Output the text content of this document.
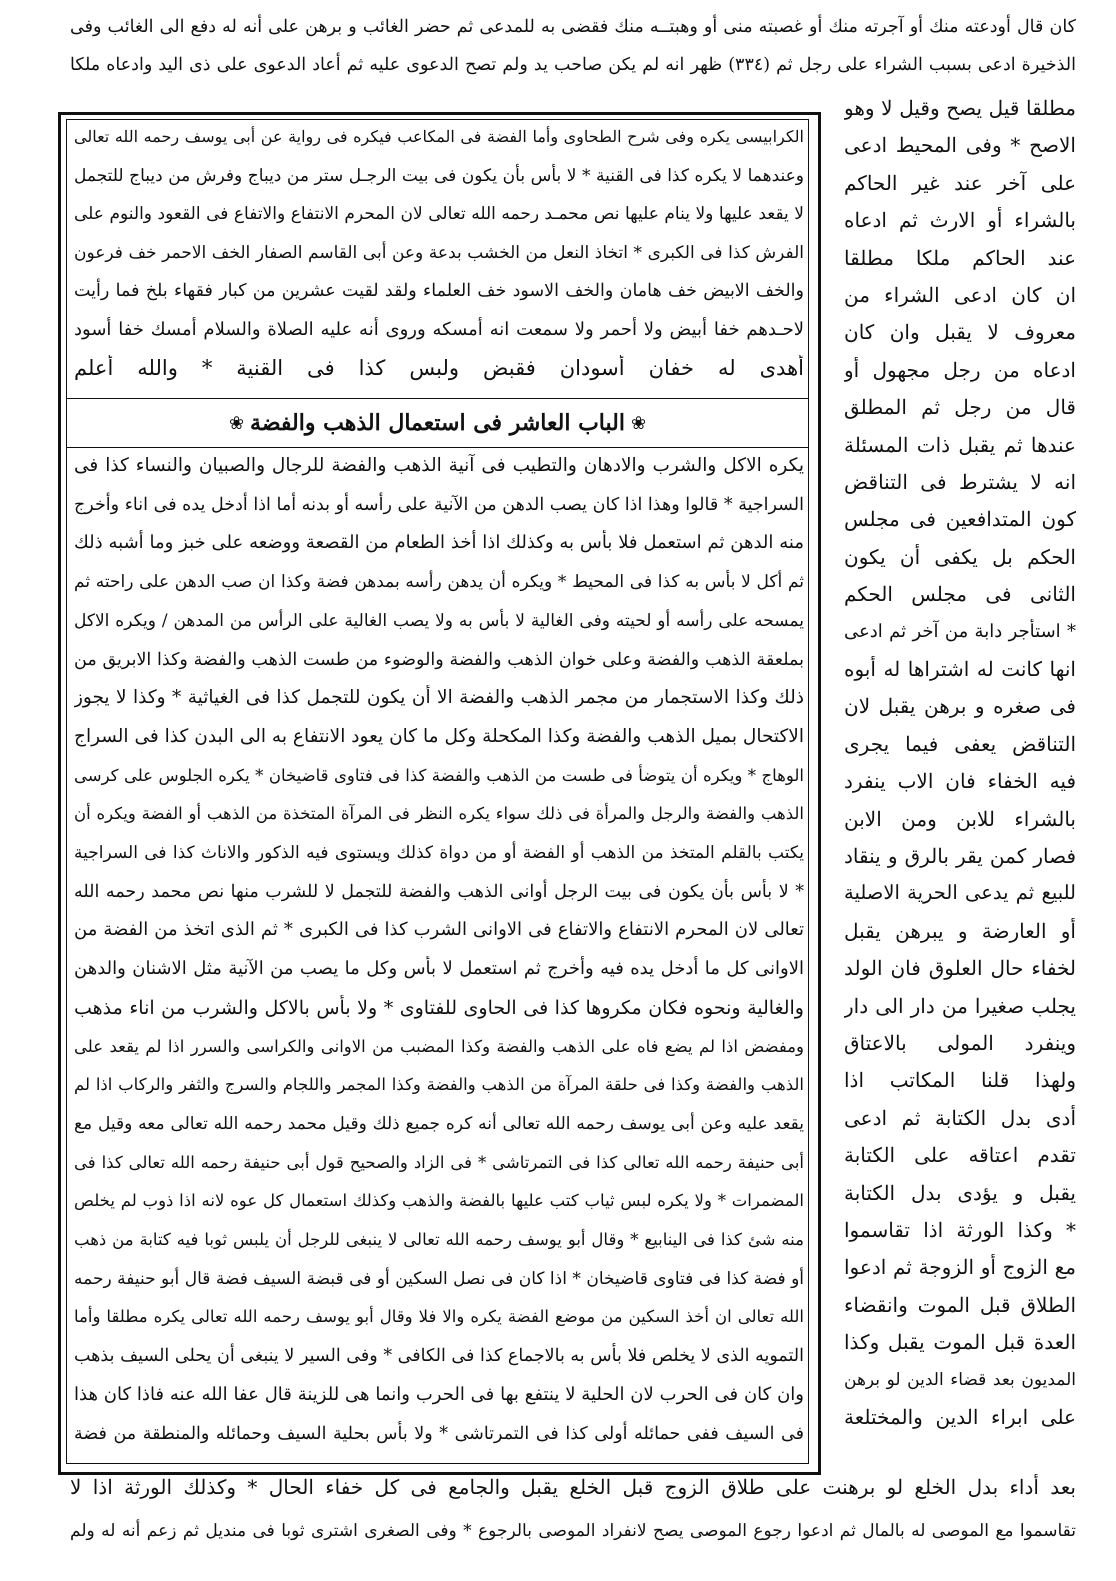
كان قال أودعته منك أو آجرته منك أو غصبته منى أو وهبتــه منك فقضى به للمدعى ثم حضر الغائب و برهن على أنه له دفع الى الغائب وفى
الذخيرة ادعى بسبب الشراء على رجل ثم (٣٣٤) ظهر انه لم يكن صاحب يد ولم تصح الدعوى عليه ثم أعاد الدعوى على ذى اليد وادعاه ملكا
الكرابيسى يكره وفى شرح الطحاوى وأما الفضة فى المكاعب فيكره فى رواية عن أبى يوسف رحمه الله تعالى
وعندهما لا يكره كذا فى القنية * لا بأس بأن يكون فى بيت الرجـل ستر من ديباج وفرش من ديباج للتجمل
لا يقعد عليها ولا ينام عليها نص محمـد رحمه الله تعالى لان المحرم الانتفاع والاتفاع فى القعود والنوم على
الفرش كذا فى الكبرى * اتخاذ النعل من الخشب بدعة وعن أبى القاسم الصفار الخف الاحمر خف فرعون
والخف الابيض خف هامان والخف الاسود خف العلماء ولقد لقيت عشرين من كبار فقهاء بلخ فما رأيت
لاحـدهم خفا أبيض ولا أحمر ولا سمعت انه أمسكه وروى أنه عليه الصلاة والسلام أمسك خفا أسود
أهدى له خفان أسودان فقبض ولبس كذا فى القنية * والله أعلم
يكره الاكل والشرب والادهان والتطيب فى آنية الذهب والفضة للرجال والصبيان والنساء كذا فى
السراجية * قالوا وهذا اذا كان يصب الدهن من الآنية على رأسه أو بدنه أما اذا أدخل يده فى اناء وأخرج
منه الدهن ثم استعمل فلا بأس به وكذلك اذا أخذ الطعام من القصعة ووضعه على خبز وما أشبه ذلك
ثم أكل لا بأس به كذا فى المحيط * ويكره أن يدهن رأسه بمدهن فضة وكذا ان صب الدهن على راحته ثم
يمسحه على رأسه أو لحيته وفى الغالية لا بأس به ولا يصب الغالية على الرأس من المدهن / ويكره الاكل
بملعقة الذهب والفضة وعلى خوان الذهب والفضة والوضوء من طست الذهب والفضة وكذا الابريق من
ذلك وكذا الاستجمار من مجمر الذهب والفضة الا أن يكون للتجمل كذا فى الغياثية * وكذا لا يجوز
الاكتحال بميل الذهب والفضة وكذا المكحلة وكل ما كان يعود الانتفاع به الى البدن كذا فى السراج
الوهاج * ويكره أن يتوضأ فى طست من الذهب والفضة كذا فى فتاوى قاضيخان * يكره الجلوس على كرسى
الذهب والفضة والرجل والمرأة فى ذلك سواء يكره النظر فى المرآة المتخذة من الذهب أو الفضة ويكره أن
يكتب بالقلم المتخذ من الذهب أو الفضة أو من دواة كذلك ويستوى فيه الذكور والاناث كذا فى السراجية
* لا بأس بأن يكون فى بيت الرجل أوانى الذهب والفضة للتجمل لا للشرب منها نص محمد رحمه الله
تعالى لان المحرم الانتفاع والاتفاع فى الاوانى الشرب كذا فى الكبرى * ثم الذى اتخذ من الفضة من
الاوانى كل ما أدخل يده فيه وأخرج ثم استعمل لا بأس وكل ما يصب من الآنية مثل الاشنان والدهن
والغالية ونحوه فكان مكروها كذا فى الحاوى للفتاوى * ولا بأس بالاكل والشرب من اناء مذهب
ومفضض اذا لم يضع فاه على الذهب والفضة وكذا المضبب من الاوانى والكراسى والسرر اذا لم يقعد على
الذهب والفضة وكذا فى حلقة المرآة من الذهب والفضة وكذا المجمر واللجام والسرج والثفر والركاب اذا لم
يقعد عليه وعن أبى يوسف رحمه الله تعالى أنه كره جميع ذلك وقيل محمد رحمه الله تعالى معه وقيل مع
أبى حنيفة رحمه الله تعالى كذا فى التمرتاشى * فى الزاد والصحيح قول أبى حنيفة رحمه الله تعالى كذا فى
المضمرات * ولا يكره لبس ثياب كتب عليها بالفضة والذهب وكذلك استعمال كل عوه لانه اذا ذوب لم يخلص
منه شئ كذا فى الينابيع * وقال أبو يوسف رحمه الله تعالى لا ينبغى للرجل أن يلبس ثوبا فيه كتابة من ذهب
أو فضة كذا فى فتاوى قاضيخان * اذا كان فى نصل السكين أو فى قبضة السيف فضة قال أبو حنيفة رحمه
الله تعالى ان أخذ السكين من موضع الفضة يكره والا فلا وقال أبو يوسف رحمه الله تعالى يكره مطلقا وأما
التمويه الذى لا يخلص فلا بأس به بالاجماع كذا فى الكافى * وفى السير لا ينبغى أن يحلى السيف بذهب
وان كان فى الحرب لان الحلية لا ينتفع بها فى الحرب وانما هى للزينة قال عفا الله عنه فاذا كان هذا
فى السيف ففى حمائله أولى كذا فى التمرتاشى * ولا بأس بحلية السيف وحمائله والمنطقة من فضة
مطلقا قيل يصح وقيل لا وهو
الاصح * وفى المحيط ادعى
على آخر عند غير الحاكم
بالشراء أو الارث ثم ادعاه
عند الحاكم ملكا مطلقا
ان كان ادعى الشراء من
معروف لا يقبل وان كان
ادعاه من رجل مجهول أو
قال من رجل ثم المطلق
عندها ثم يقبل ذات المسئلة
انه لا يشترط فى التناقض
كون المتدافعين فى مجلس
الحكم بل يكفى أن يكون
الثانى فى مجلس الحكم
* استأجر دابة من آخر ثم ادعى
انها كانت له اشتراها له أبوه
فى صغره و برهن يقبل لان
التناقض يعفى فيما يجرى
فيه الخفاء فان الاب ينفرد
بالشراء للابن ومن الابن
فصار كمن يقر بالرق و ينقاد
للبيع ثم يدعى الحرية الاصلية
أو العارضة و يبرهن يقبل
لخفاء حال العلوق فان الولد
يجلب صغيرا من دار الى دار
وينفرد المولى بالاعتاق
ولهذا قلنا المكاتب اذا
أدى بدل الكتابة ثم ادعى
تقدم اعتاقه على الكتابة
يقبل و يؤدى بدل الكتابة
* وكذا الورثة اذا تقاسموا
مع الزوج أو الزوجة ثم ادعوا
الطلاق قبل الموت وانقضاء
العدة قبل الموت يقبل وكذا
المديون بعد قضاء الدين لو برهن
على ابراء الدين والمختلعة
بعد أداء بدل الخلع لو برهنت على طلاق الزوج قبل الخلع يقبل والجامع فى كل خفاء الحال * وكذلك الورثة اذا لا
تقاسموا مع الموصى له بالمال ثم ادعوا رجوع الموصى يصح لانفراد الموصى بالرجوع * وفى الصغرى اشترى ثوبا فى منديل ثم زعم أنه له ولم
❀
الباب العاشر فى استعمال الذهب والفضة
❀
